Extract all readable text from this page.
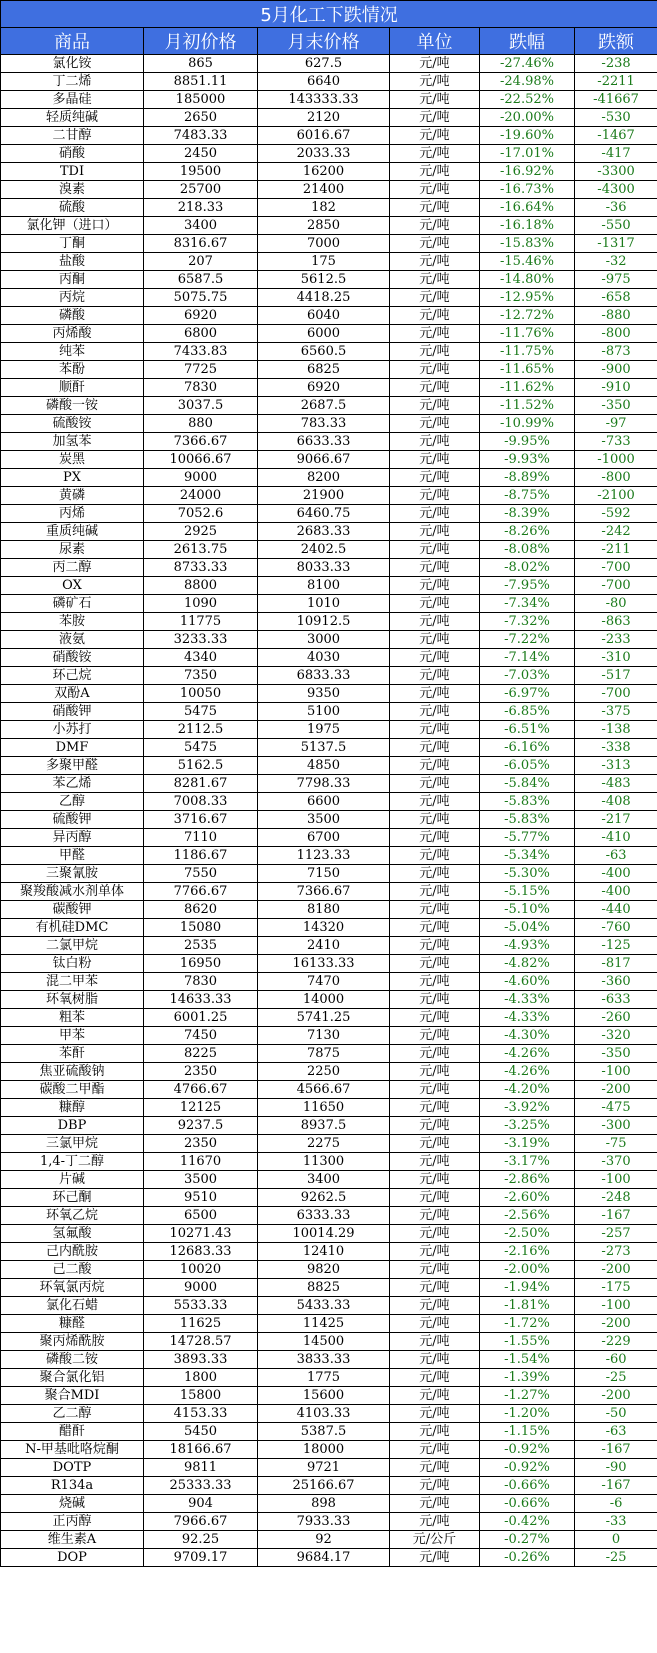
5月化工下跌情况					
商品	月初价格	月末价格	单位	跌幅	跌额
氯化铵	865	627.5	元/吨	-27.46%	-238
丁二烯	8851.11	6640	元/吨	-24.98%	-2211
多晶硅	185000	143333.33	元/吨	-22.52%	-41667
轻质纯碱	2650	2120	元/吨	-20.00%	-530
二甘醇	7483.33	6016.67	元/吨	-19.60%	-1467
硝酸	2450	2033.33	元/吨	-17.01%	-417
TDI	19500	16200	元/吨	-16.92%	-3300
溴素	25700	21400	元/吨	-16.73%	-4300
硫酸	218.33	182	元/吨	-16.64%	-36
氯化钾（进口）	3400	2850	元/吨	-16.18%	-550
丁酮	8316.67	7000	元/吨	-15.83%	-1317
盐酸	207	175	元/吨	-15.46%	-32
丙酮	6587.5	5612.5	元/吨	-14.80%	-975
丙烷	5075.75	4418.25	元/吨	-12.95%	-658
磷酸	6920	6040	元/吨	-12.72%	-880
丙烯酸	6800	6000	元/吨	-11.76%	-800
纯苯	7433.83	6560.5	元/吨	-11.75%	-873
苯酚	7725	6825	元/吨	-11.65%	-900
顺酐	7830	6920	元/吨	-11.62%	-910
磷酸一铵	3037.5	2687.5	元/吨	-11.52%	-350
硫酸铵	880	783.33	元/吨	-10.99%	-97
加氢苯	7366.67	6633.33	元/吨	-9.95%	-733
炭黑	10066.67	9066.67	元/吨	-9.93%	-1000
PX	9000	8200	元/吨	-8.89%	-800
黄磷	24000	21900	元/吨	-8.75%	-2100
丙烯	7052.6	6460.75	元/吨	-8.39%	-592
重质纯碱	2925	2683.33	元/吨	-8.26%	-242
尿素	2613.75	2402.5	元/吨	-8.08%	-211
丙二醇	8733.33	8033.33	元/吨	-8.02%	-700
OX	8800	8100	元/吨	-7.95%	-700
磷矿石	1090	1010	元/吨	-7.34%	-80
苯胺	11775	10912.5	元/吨	-7.32%	-863
液氨	3233.33	3000	元/吨	-7.22%	-233
硝酸铵	4340	4030	元/吨	-7.14%	-310
环己烷	7350	6833.33	元/吨	-7.03%	-517
双酚A	10050	9350	元/吨	-6.97%	-700
硝酸钾	5475	5100	元/吨	-6.85%	-375
小苏打	2112.5	1975	元/吨	-6.51%	-138
DMF	5475	5137.5	元/吨	-6.16%	-338
多聚甲醛	5162.5	4850	元/吨	-6.05%	-313
苯乙烯	8281.67	7798.33	元/吨	-5.84%	-483
乙醇	7008.33	6600	元/吨	-5.83%	-408
硫酸钾	3716.67	3500	元/吨	-5.83%	-217
异丙醇	7110	6700	元/吨	-5.77%	-410
甲醛	1186.67	1123.33	元/吨	-5.34%	-63
三聚氰胺	7550	7150	元/吨	-5.30%	-400
聚羧酸减水剂单体	7766.67	7366.67	元/吨	-5.15%	-400
碳酸钾	8620	8180	元/吨	-5.10%	-440
有机硅DMC	15080	14320	元/吨	-5.04%	-760
二氯甲烷	2535	2410	元/吨	-4.93%	-125
钛白粉	16950	16133.33	元/吨	-4.82%	-817
混二甲苯	7830	7470	元/吨	-4.60%	-360
环氧树脂	14633.33	14000	元/吨	-4.33%	-633
粗苯	6001.25	5741.25	元/吨	-4.33%	-260
甲苯	7450	7130	元/吨	-4.30%	-320
苯酐	8225	7875	元/吨	-4.26%	-350
焦亚硫酸钠	2350	2250	元/吨	-4.26%	-100
碳酸二甲酯	4766.67	4566.67	元/吨	-4.20%	-200
糠醇	12125	11650	元/吨	-3.92%	-475
DBP	9237.5	8937.5	元/吨	-3.25%	-300
三氯甲烷	2350	2275	元/吨	-3.19%	-75
1,4-丁二醇	11670	11300	元/吨	-3.17%	-370
片碱	3500	3400	元/吨	-2.86%	-100
环己酮	9510	9262.5	元/吨	-2.60%	-248
环氧乙烷	6500	6333.33	元/吨	-2.56%	-167
氢氟酸	10271.43	10014.29	元/吨	-2.50%	-257
己内酰胺	12683.33	12410	元/吨	-2.16%	-273
己二酸	10020	9820	元/吨	-2.00%	-200
环氧氯丙烷	9000	8825	元/吨	-1.94%	-175
氯化石蜡	5533.33	5433.33	元/吨	-1.81%	-100
糠醛	11625	11425	元/吨	-1.72%	-200
聚丙烯酰胺	14728.57	14500	元/吨	-1.55%	-229
磷酸二铵	3893.33	3833.33	元/吨	-1.54%	-60
聚合氯化铝	1800	1775	元/吨	-1.39%	-25
聚合MDI	15800	15600	元/吨	-1.27%	-200
乙二醇	4153.33	4103.33	元/吨	-1.20%	-50
醋酐	5450	5387.5	元/吨	-1.15%	-63
N-甲基吡咯烷酮	18166.67	18000	元/吨	-0.92%	-167
DOTP	9811	9721	元/吨	-0.92%	-90
R134a	25333.33	25166.67	元/吨	-0.66%	-167
烧碱	904	898	元/吨	-0.66%	-6
正丙醇	7966.67	7933.33	元/吨	-0.42%	-33
维生素A	92.25	92	元/公斤	-0.27%	0
DOP	9709.17	9684.17	元/吨	-0.26%	-25
